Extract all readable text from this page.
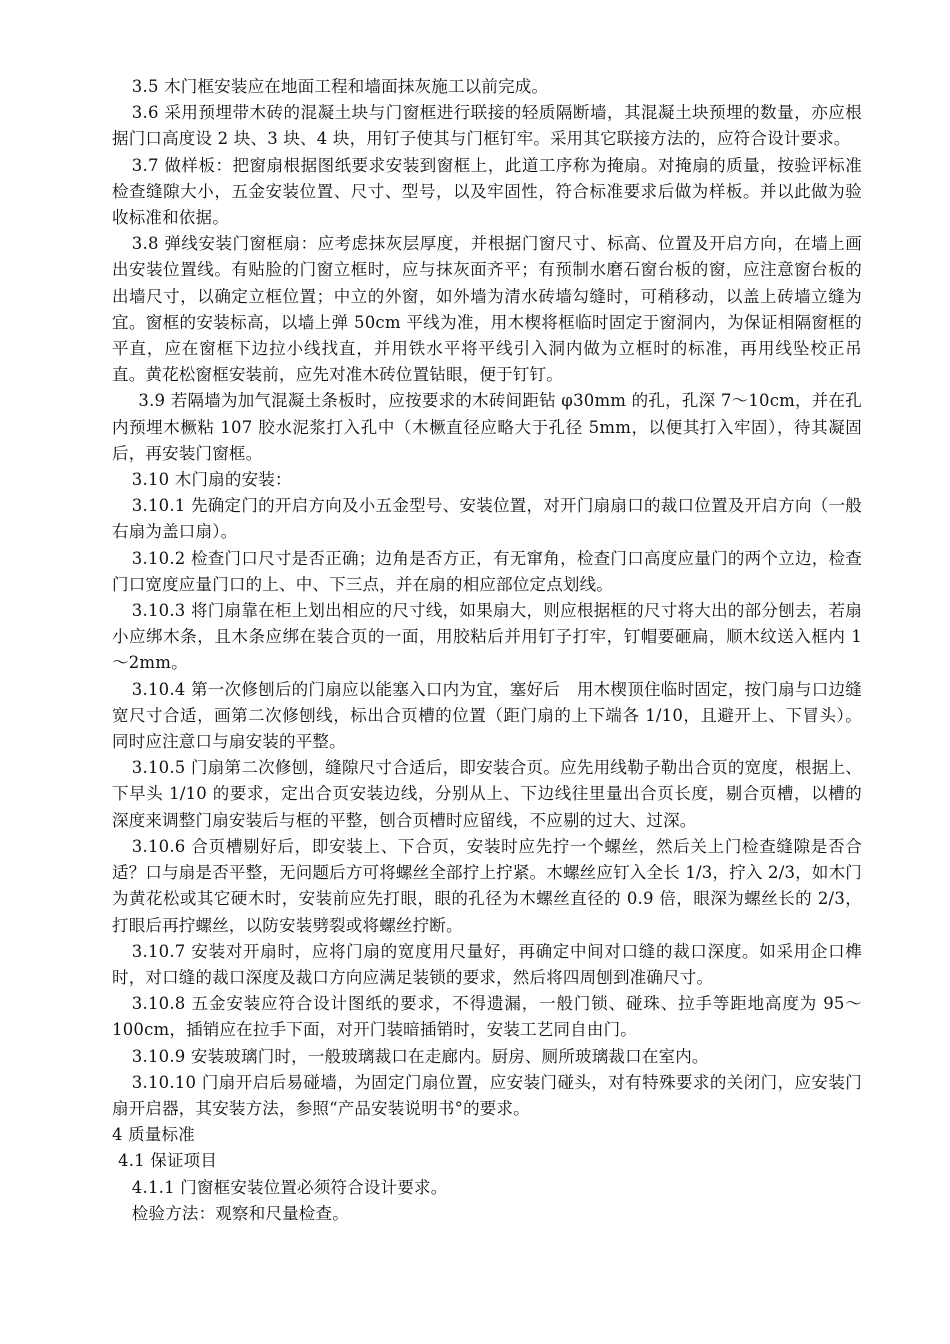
3.5 木门框安装应在地面工程和墙面抹灰施工以前完成。

3.6 采用预埋带木砖的混凝土块与门窗框进行联接的轻质隔断墙，其混凝土块预埋的数量，亦应根据门口高度设 2 块、3 块、4 块，用钉子使其与门框钉牢。采用其它联接方法的，应符合设计要求。

3.7 做样板：把窗扇根据图纸要求安装到窗框上，此道工序称为掩扇。对掩扇的质量，按验评标准检查缝隙大小，五金安装位置、尺寸、型号，以及牢固性，符合标准要求后做为样板。并以此做为验收标准和依据。

3.8 弹线安装门窗框扇：应考虑抹灰层厚度，并根据门窗尺寸、标高、位置及开启方向，在墙上画出安装位置线。有贴脸的门窗立框时，应与抹灰面齐平；有预制水磨石窗台板的窗，应注意窗台板的出墙尺寸，以确定立框位置；中立的外窗，如外墙为清水砖墙勾缝时，可稍移动，以盖上砖墙立缝为宜。窗框的安装标高，以墙上弹 50cm 平线为准，用木楔将框临时固定于窗洞内，为保证相隔窗框的平直，应在窗框下边拉小线找直，并用铁水平将平线引入洞内做为立框时的标准，再用线坠校正吊直。黄花松窗框安装前，应先对准木砖位置钻眼，便于钉钉。

3.9 若隔墙为加气混凝土条板时，应按要求的木砖间距钻 φ30mm 的孔，孔深 7～10cm，并在孔内预埋木橛粘 107 胶水泥浆打入孔中（木橛直径应略大于孔径 5mm，以便其打入牢固），待其凝固后，再安装门窗框。

3.10 木门扇的安装：

3.10.1 先确定门的开启方向及小五金型号、安装位置，对开门扇扇口的裁口位置及开启方向（一般右扇为盖口扇）。

3.10.2 检查门口尺寸是否正确；边角是否方正，有无窜角，检查门口高度应量门的两个立边，检查门口宽度应量门口的上、中、下三点，并在扇的相应部位定点划线。

3.10.3 将门扇靠在柜上划出相应的尺寸线，如果扇大，则应根据框的尺寸将大出的部分刨去，若扇小应绑木条，且木条应绑在装合页的一面，用胶粘后并用钉子打牢，钉帽要砸扁，顺木纹送入框内 1～2mm。

3.10.4 第一次修刨后的门扇应以能塞入口内为宜，塞好后　用木楔顶住临时固定，按门扇与口边缝宽尺寸合适，画第二次修刨线，标出合页槽的位置（距门扇的上下端各 1/10，且避开上、下冒头）。同时应注意口与扇安装的平整。

3.10.5 门扇第二次修刨，缝隙尺寸合适后，即安装合页。应先用线勒子勒出合页的宽度，根据上、下早头 1/10 的要求，定出合页安装边线，分别从上、下边线往里量出合页长度，剔合页槽，以槽的深度来调整门扇安装后与框的平整，刨合页槽时应留线，不应剔的过大、过深。

3.10.6 合页槽剔好后，即安装上、下合页，安装时应先拧一个螺丝，然后关上门检查缝隙是否合适？口与扇是否平整，无问题后方可将螺丝全部拧上拧紧。木螺丝应钉入全长 1/3，拧入 2/3，如木门为黄花松或其它硬木时，安装前应先打眼，眼的孔径为木螺丝直径的 0.9 倍，眼深为螺丝长的 2/3，打眼后再拧螺丝，以防安装劈裂或将螺丝拧断。

3.10.7 安装对开扇时，应将门扇的宽度用尺量好，再确定中间对口缝的裁口深度。如采用企口榫时，对口缝的裁口深度及裁口方向应满足装锁的要求，然后将四周刨到准确尺寸。

3.10.8 五金安装应符合设计图纸的要求，不得遗漏，一般门锁、碰珠、拉手等距地高度为 95～100cm，插销应在拉手下面，对开门装暗插销时，安装工艺同自由门。

3.10.9 安装玻璃门时，一般玻璃裁口在走廊内。厨房、厕所玻璃裁口在室内。

3.10.10 门扇开启后易碰墙，为固定门扇位置，应安装门碰头，对有特殊要求的关闭门，应安装门扇开启器，其安装方法，参照“产品安装说明书°的要求。

4 质量标准

4.1 保证项目

4.1.1 门窗框安装位置必须符合设计要求。

检验方法：观察和尺量检查。
